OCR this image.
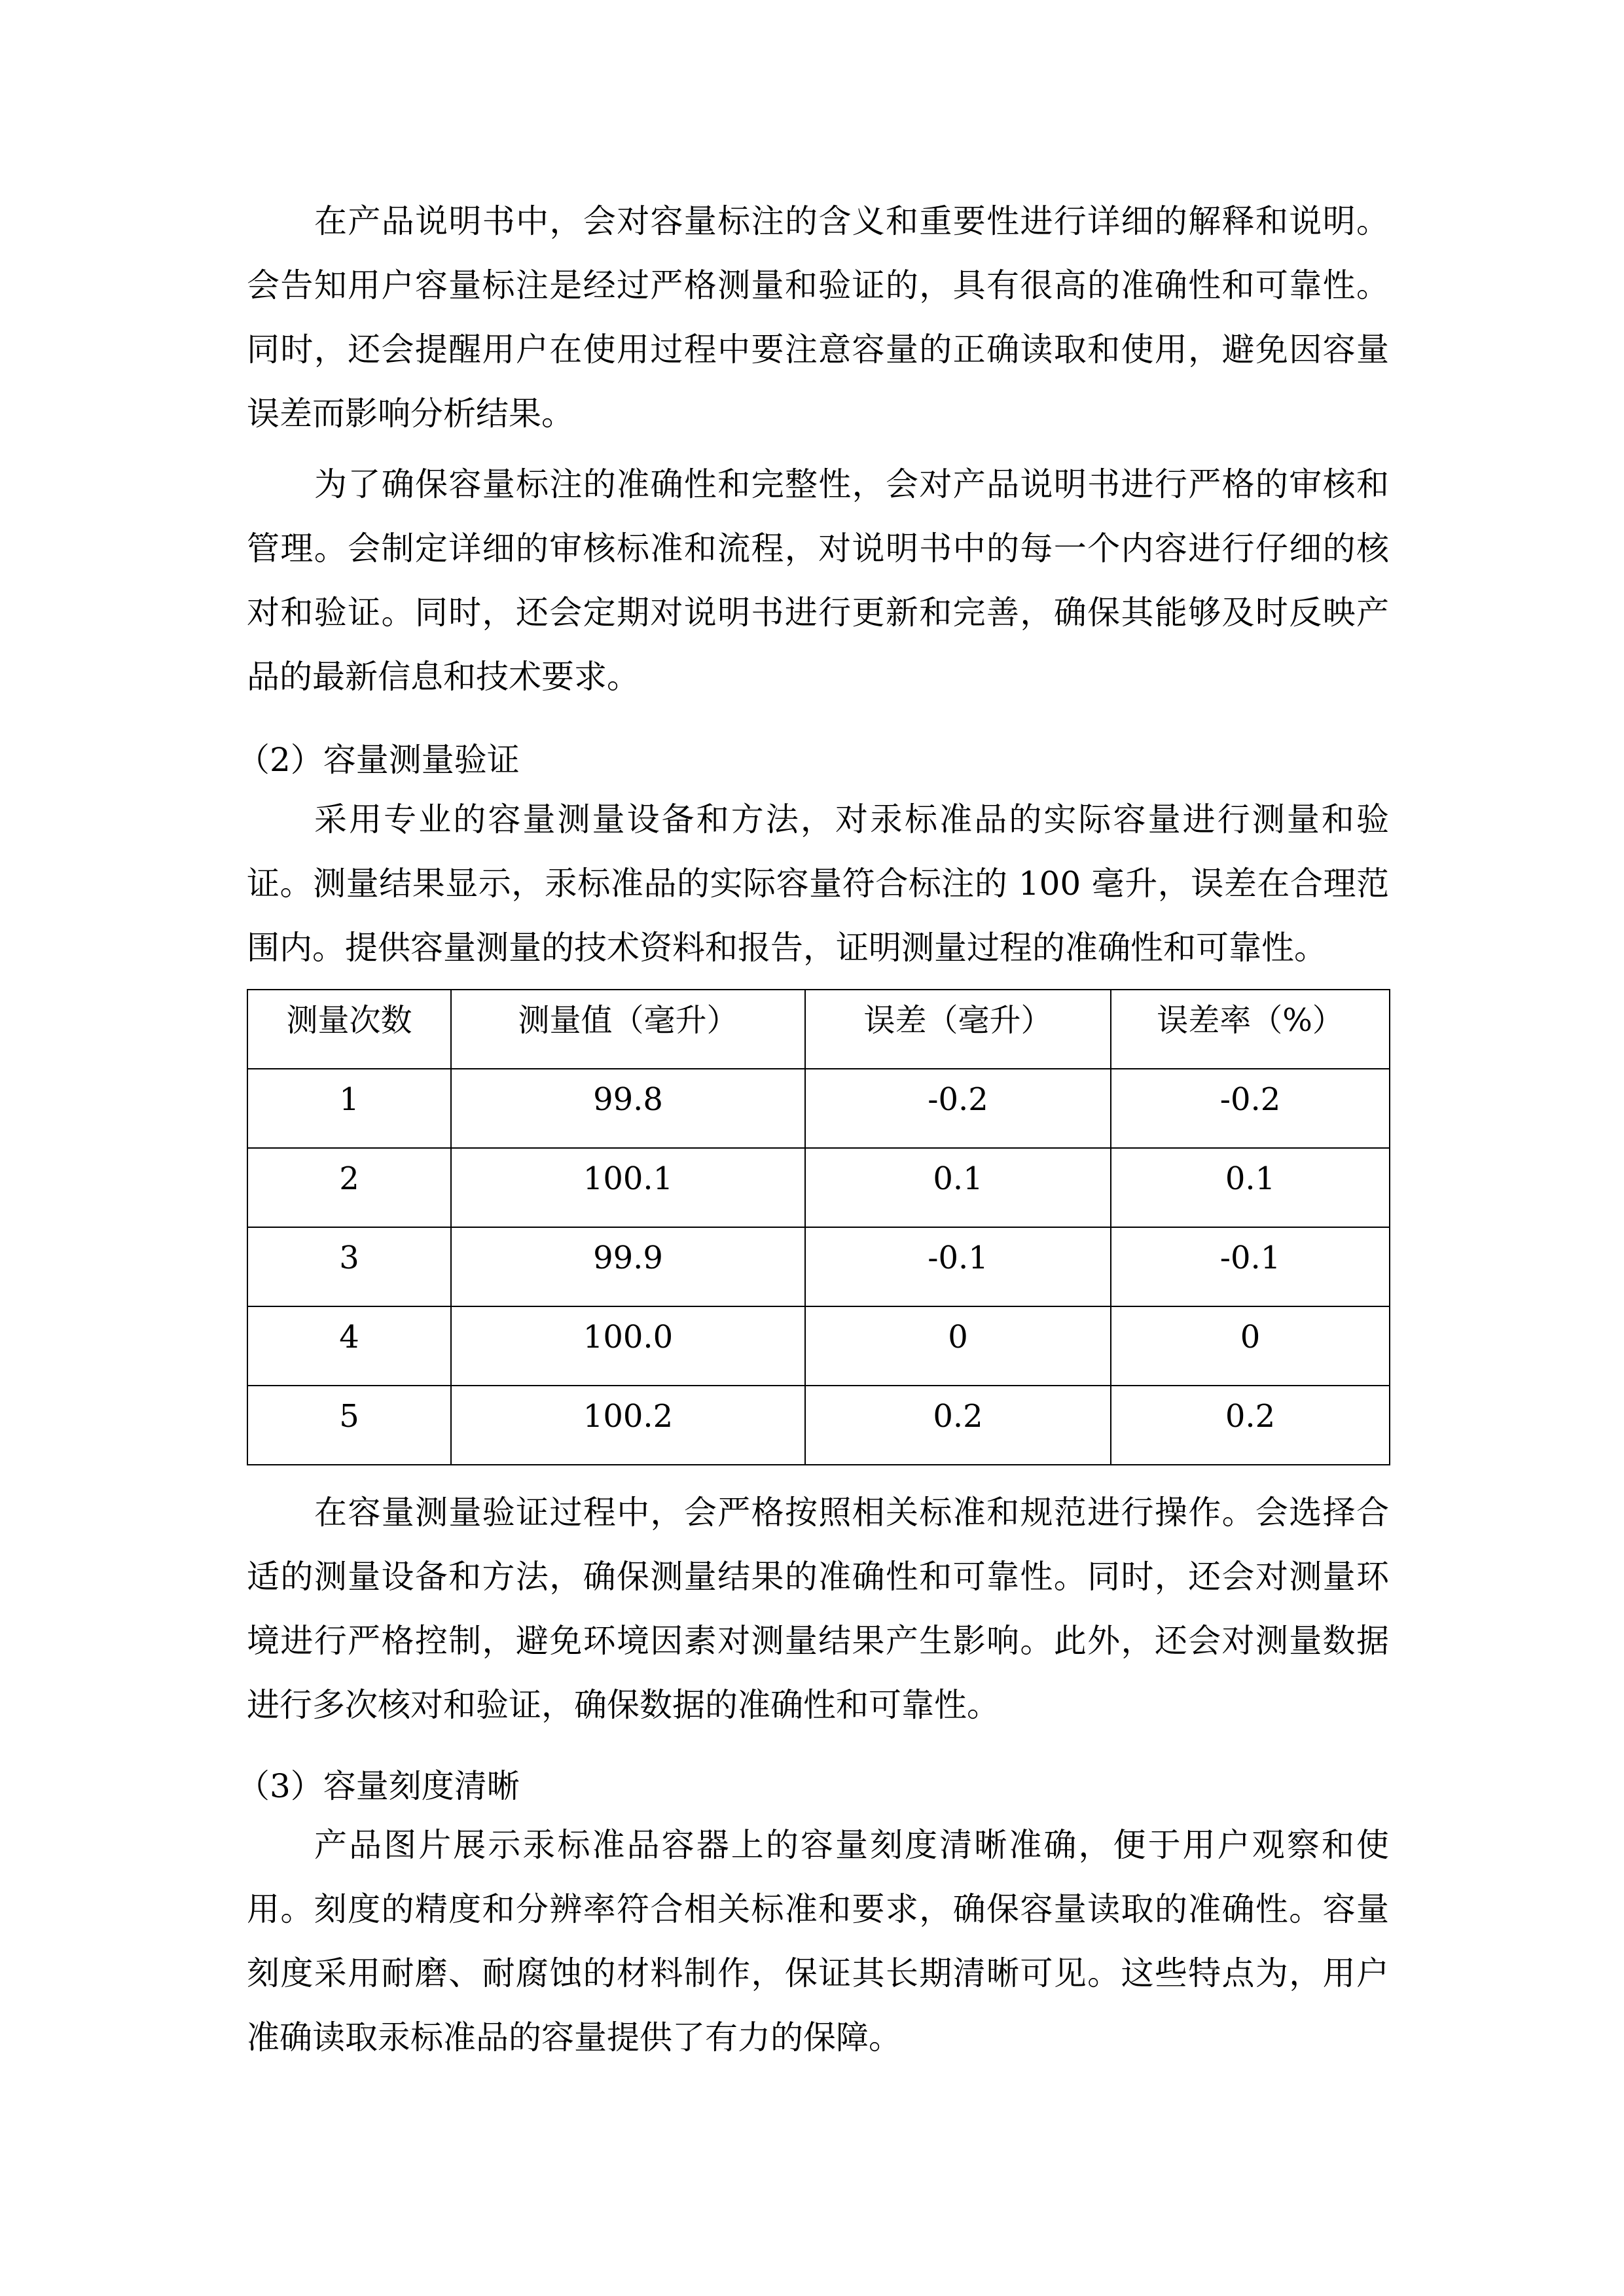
在产品说明书中，会对容量标注的含义和重要性进行详细的解释和说明。
会告知用户容量标注是经过严格测量和验证的，具有很高的准确性和可靠性。
同时，还会提醒用户在使用过程中要注意容量的正确读取和使用，避免因容量
误差而影响分析结果。
为了确保容量标注的准确性和完整性，会对产品说明书进行严格的审核和
管理。会制定详细的审核标准和流程，对说明书中的每一个内容进行仔细的核
对和验证。同时，还会定期对说明书进行更新和完善，确保其能够及时反映产
品的最新信息和技术要求。
（2）容量测量验证
采用专业的容量测量设备和方法，对汞标准品的实际容量进行测量和验
证。测量结果显示，汞标准品的实际容量符合标注的 100 毫升，误差在合理范
围内。提供容量测量的技术资料和报告，证明测量过程的准确性和可靠性。
测量次数	测量值（毫升）	误差（毫升）	误差率（%）
1	99.8	-0.2	-0.2
2	100.1	0.1	0.1
3	99.9	-0.1	-0.1
4	100.0	0	0
5	100.2	0.2	0.2
在容量测量验证过程中，会严格按照相关标准和规范进行操作。会选择合
适的测量设备和方法，确保测量结果的准确性和可靠性。同时，还会对测量环
境进行严格控制，避免环境因素对测量结果产生影响。此外，还会对测量数据
进行多次核对和验证，确保数据的准确性和可靠性。
（3）容量刻度清晰
产品图片展示汞标准品容器上的容量刻度清晰准确，便于用户观察和使
用。刻度的精度和分辨率符合相关标准和要求，确保容量读取的准确性。容量
刻度采用耐磨、耐腐蚀的材料制作，保证其长期清晰可见。这些特点为，用户
准确读取汞标准品的容量提供了有力的保障。
